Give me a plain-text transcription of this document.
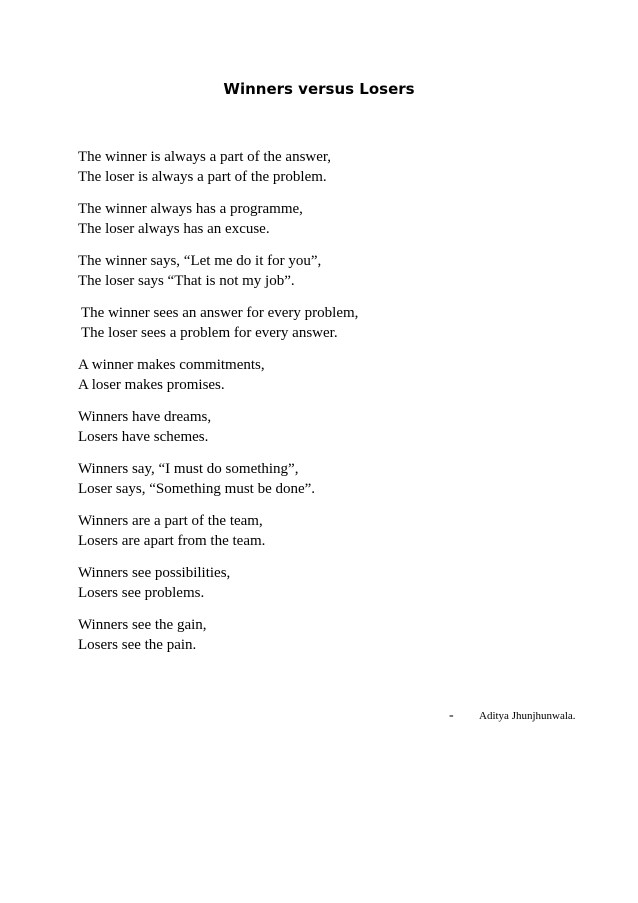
Winners versus Losers
The winner is always a part of the answer,
The loser is always a part of the problem.
The winner always has a programme,
The loser always has an excuse.
The winner says, “Let me do it for you”,
The loser says “That is not my job”.
The winner sees an answer for every problem,
The loser sees a problem for every answer.
A winner makes commitments,
A loser makes promises.
Winners have dreams,
Losers have schemes.
Winners say, “I must do something”,
Loser says, “Something must be done”.
Winners are a part of the team,
Losers are apart from the team.
Winners see possibilities,
Losers see problems.
Winners see the gain,
Losers see the pain.
- Aditya Jhunjhunwala.
